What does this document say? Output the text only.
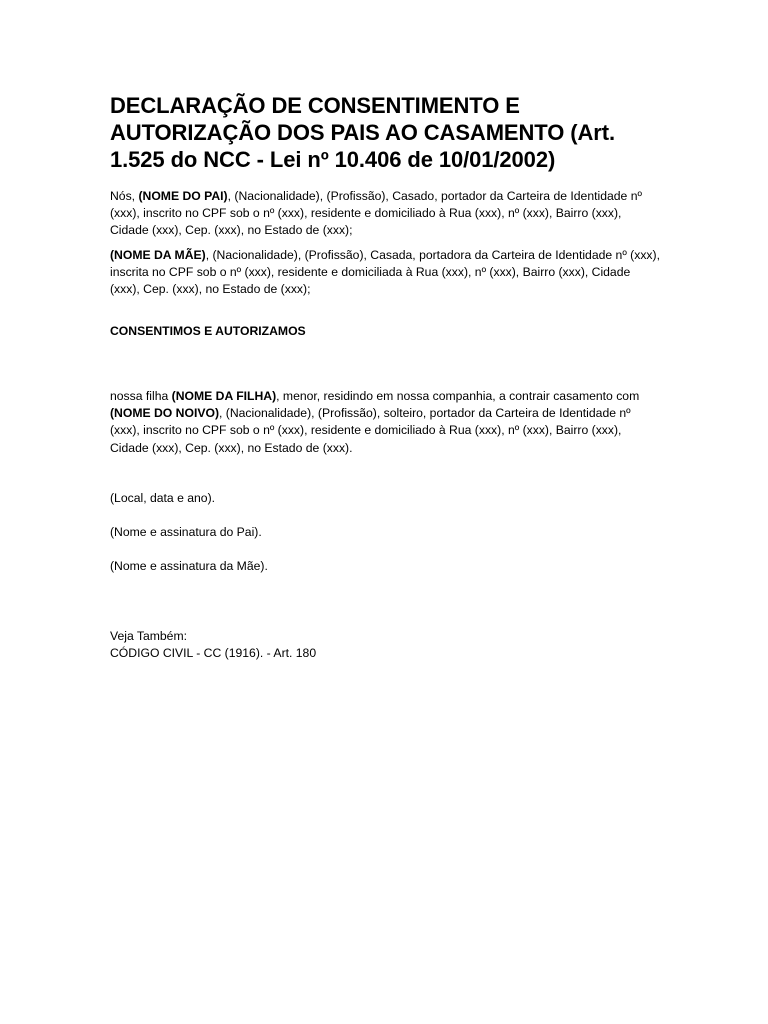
DECLARAÇÃO DE CONSENTIMENTO E AUTORIZAÇÃO DOS PAIS AO CASAMENTO (Art. 1.525 do NCC - Lei nº 10.406 de 10/01/2002)

Nós, (NOME DO PAI), (Nacionalidade), (Profissão), Casado, portador da Carteira de Identidade nº (xxx), inscrito no CPF sob o nº (xxx), residente e domiciliado à Rua (xxx), nº (xxx), Bairro (xxx), Cidade (xxx), Cep. (xxx), no Estado de (xxx);

(NOME DA MÃE), (Nacionalidade), (Profissão), Casada, portadora da Carteira de Identidade nº (xxx), inscrita no CPF sob o nº (xxx), residente e domiciliada à Rua (xxx), nº (xxx), Bairro (xxx), Cidade (xxx), Cep. (xxx), no Estado de (xxx);

CONSENTIMOS E AUTORIZAMOS

nossa filha (NOME DA FILHA), menor, residindo em nossa companhia, a contrair casamento com (NOME DO NOIVO), (Nacionalidade), (Profissão), solteiro, portador da Carteira de Identidade nº (xxx), inscrito no CPF sob o nº (xxx), residente e domiciliado à Rua (xxx), nº (xxx), Bairro (xxx), Cidade (xxx), Cep. (xxx), no Estado de (xxx).

(Local, data e ano).

(Nome e assinatura do Pai).

(Nome e assinatura da Mãe).

Veja Também:

CÓDIGO CIVIL - CC (1916). - Art. 180
